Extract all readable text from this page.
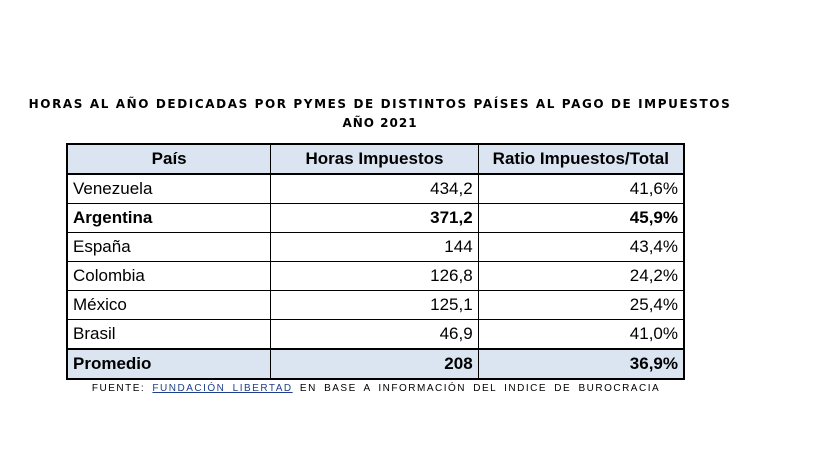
HORAS AL AÑO DEDICADAS POR PYMES DE DISTINTOS PAÍSES AL PAGO DE IMPUESTOS
AÑO 2021
País	Horas Impuestos	Ratio Impuestos/Total
Venezuela	434,2	41,6%
Argentina	371,2	45,9%
España	144	43,4%
Colombia	126,8	24,2%
México	125,1	25,4%
Brasil	46,9	41,0%
Promedio	208	36,9%
FUENTE: FUNDACIÓN LIBERTAD EN BASE A INFORMACIÓN DEL INDICE DE BUROCRACIA
